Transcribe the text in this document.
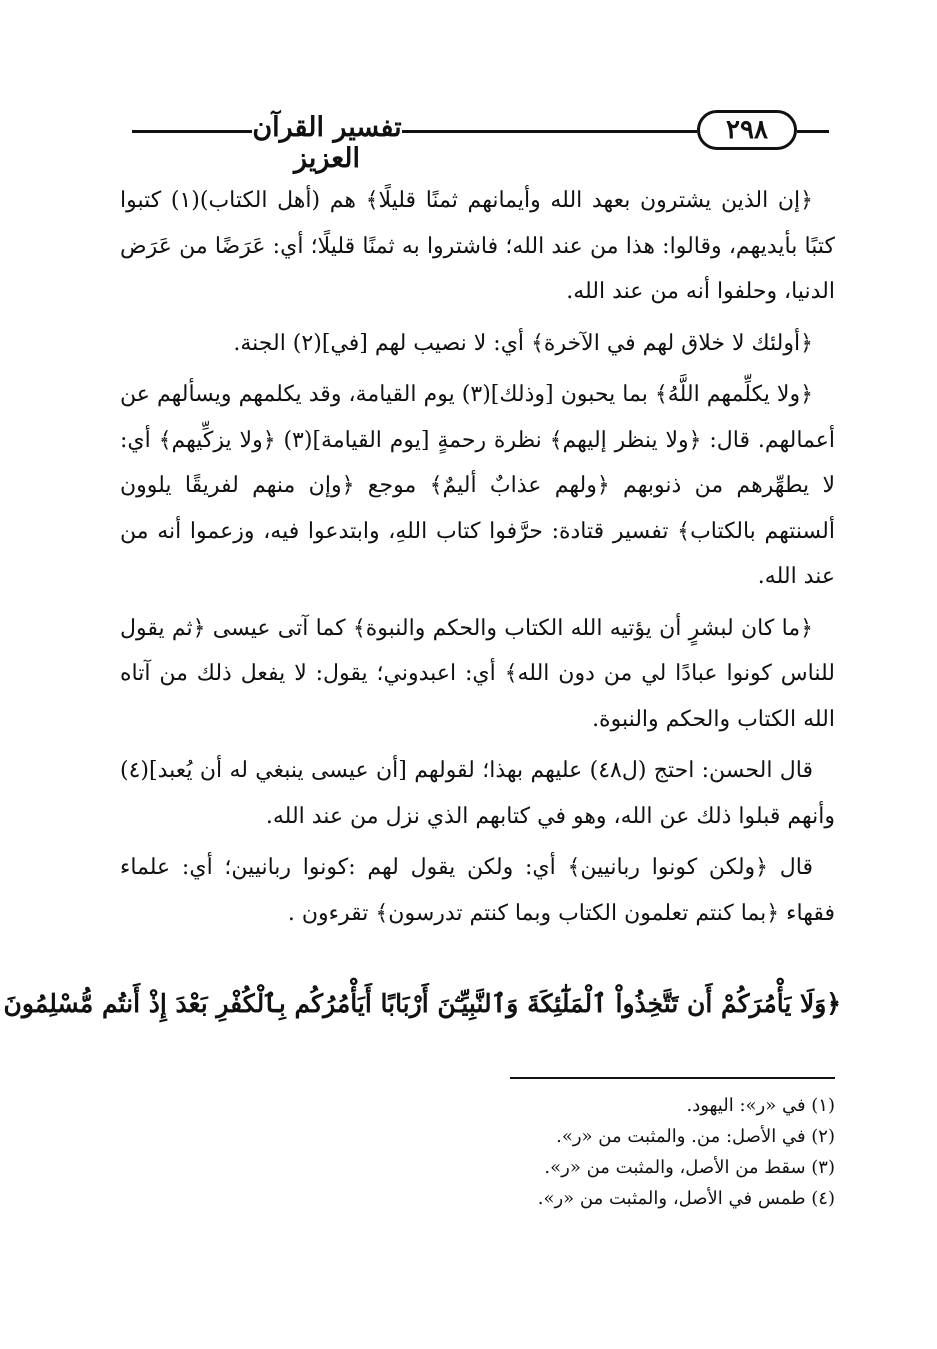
تفسير القرآن العزيز
٢٩٨

﴿إن الذين يشترون بعهد الله وأيمانهم ثمنًا قليلًا﴾ هم (أهل الكتاب)(١) كتبوا كتبًا بأيديهم، وقالوا: هذا من عند الله؛ فاشتروا به ثمنًا قليلًا؛ أي: عَرَضًا من عَرَض الدنيا، وحلفوا أنه من عند الله.

﴿أولئك لا خلاق لهم في الآخرة﴾ أي: لا نصيب لهم [في](٢) الجنة.

﴿ولا يكلِّمهم اللَّهُ﴾ بما يحبون [وذلك](٣) يوم القيامة، وقد يكلمهم ويسألهم عن أعمالهم. قال: ﴿ولا ينظر إليهم﴾ نظرة رحمةٍ [يوم القيامة](٣) ﴿ولا يزكِّيهم﴾ أي: لا يطهِّرهم من ذنوبهم ﴿ولهم عذابٌ أليمٌ﴾ موجع ﴿وإن منهم لفريقًا يلوون ألسنتهم بالكتاب﴾ تفسير قتادة: حرَّفوا كتاب اللهِ، وابتدعوا فيه، وزعموا أنه من عند الله.

﴿ما كان لبشرٍ أن يؤتيه الله الكتاب والحكم والنبوة﴾ كما آتى عيسى ﴿ثم يقول للناس كونوا عبادًا لي من دون الله﴾ أي: اعبدوني؛ يقول: لا يفعل ذلك من آتاه الله الكتاب والحكم والنبوة.

قال الحسن: احتج (ل٤٨) عليهم بهذا؛ لقولهم [أن عيسى ينبغي له أن يُعبد](٤) وأنهم قبلوا ذلك عن الله، وهو في كتابهم الذي نزل من عند الله.

قال ﴿ولكن كونوا ربانيين﴾ أي: ولكن يقول لهم :كونوا ربانيين؛ أي: علماء فقهاء ﴿بما كنتم تعلمون الكتاب وبما كنتم تدرسون﴾ تقرءون .

﴿وَلَا يَأْمُرَكُمْ أَن تَتَّخِذُواْ ٱلْمَلَٰٓئِكَةَ وَٱلنَّبِيِّـۧنَ أَرْبَابًا أَيَأْمُرُكُم بِٱلْكُفْرِ بَعْدَ إِذْ أَنتُم مُّسْلِمُونَ
(١) في «ر»: اليهود.
(٢) في الأصل: من. والمثبت من «ر».
(٣) سقط من الأصل، والمثبت من «ر».
(٤) طمس في الأصل، والمثبت من «ر».
